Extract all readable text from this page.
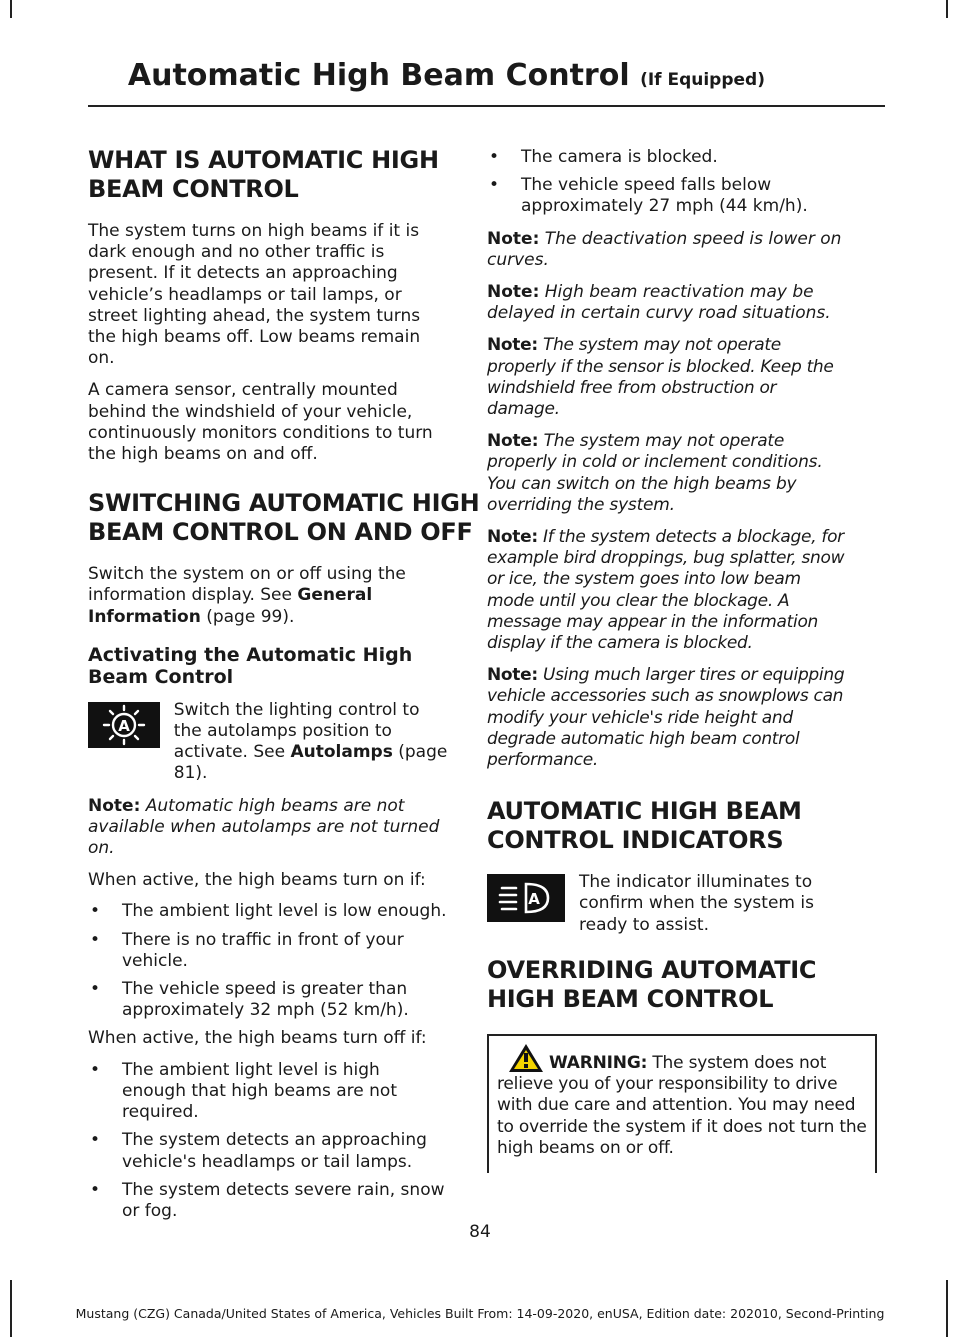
Automatic High Beam Control (If Equipped)
WHAT IS AUTOMATIC HIGH
BEAM CONTROL

The system turns on high beams if it is dark enough and no other traffic is present. If it detects an approaching vehicle’s headlamps or tail lamps, or street lighting ahead, the system turns the high beams off. Low beams remain on.

A camera sensor, centrally mounted behind the windshield of your vehicle, continuously monitors conditions to turn the high beams on and off.

SWITCHING AUTOMATIC HIGH
BEAM CONTROL ON AND OFF

Switch the system on or off using the information display. See General Information (page 99).

Activating the Automatic High Beam Control
A

Switch the lighting control to the autolamps position to activate. See Autolamps (page 81).

Note: Automatic high beams are not available when autolamps are not turned on.

When active, the high beams turn on if:

• The ambient light level is low enough.
• There is no traffic in front of your vehicle.
• The vehicle speed is greater than approximately 32 mph (52 km/h).

When active, the high beams turn off if:

• The ambient light level is high enough that high beams are not required.
• The system detects an approaching vehicle's headlamps or tail lamps.
• The system detects severe rain, snow or fog.
• The camera is blocked.
• The vehicle speed falls below approximately 27 mph (44 km/h).

Note: The deactivation speed is lower on curves.

Note: High beam reactivation may be delayed in certain curvy road situations.

Note: The system may not operate properly if the sensor is blocked. Keep the windshield free from obstruction or damage.

Note: The system may not operate properly in cold or inclement conditions. You can switch on the high beams by overriding the system.

Note: If the system detects a blockage, for example bird droppings, bug splatter, snow or ice, the system goes into low beam mode until you clear the blockage. A message may appear in the information display if the camera is blocked.

Note: Using much larger tires or equipping vehicle accessories such as snowplows can modify your vehicle's ride height and degrade automatic high beam control performance.

AUTOMATIC HIGH BEAM
CONTROL INDICATORS
A

The indicator illuminates to confirm when the system is ready to assist.

OVERRIDING AUTOMATIC
HIGH BEAM CONTROL

WARNING: The system does not relieve you of your responsibility to drive with due care and attention. You may need to override the system if it does not turn the high beams on or off.

84
Mustang (CZG) Canada/United States of America, Vehicles Built From: 14-09-2020, enUSA, Edition date: 202010, Second-Printing
